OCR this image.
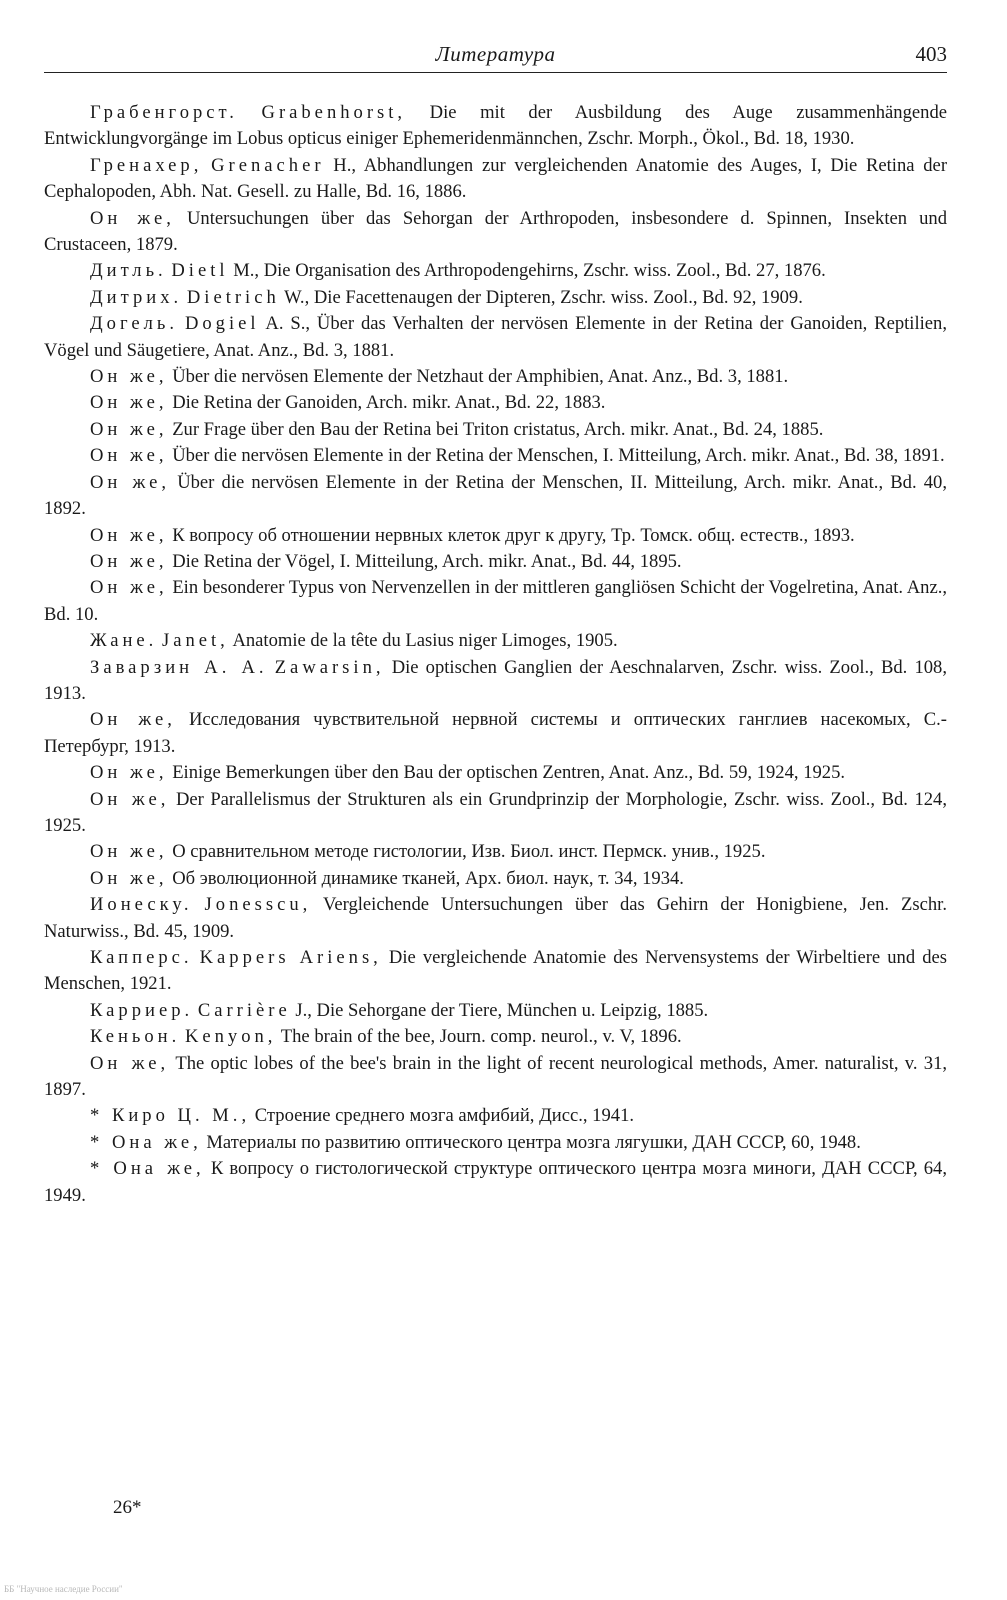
Литература	403

Грабенгорст. Grabenhorst, Die mit der Ausbildung des Auge zusammenhängende Entwicklungvorgänge im Lobus opticus einiger Ephemeridenmännchen, Zschr. Morph., Ökol., Bd. 18, 1930.

Гренахер, Grenacher H., Abhandlungen zur vergleichenden Anatomie des Auges, I, Die Retina der Cephalopoden, Abh. Nat. Gesell. zu Halle, Bd. 16, 1886.

Он же, Untersuchungen über das Sehorgan der Arthropoden, insbesondere d. Spinnen, Insekten und Crustaceen, 1879.

Дитль. Dietl M., Die Organisation des Arthropodengehirns, Zschr. wiss. Zool., Bd. 27, 1876.

Дитрих. Dietrich W., Die Facettenaugen der Dipteren, Zschr. wiss. Zool., Bd. 92, 1909.

Догель. Dogiel A. S., Über das Verhalten der nervösen Elemente in der Retina der Ganoiden, Reptilien, Vögel und Säugetiere, Anat. Anz., Bd. 3, 1881.

Он же, Über die nervösen Elemente der Netzhaut der Amphibien, Anat. Anz., Bd. 3, 1881.

Он же, Die Retina der Ganoiden, Arch. mikr. Anat., Bd. 22, 1883.

Он же, Zur Frage über den Bau der Retina bei Triton cristatus, Arch. mikr. Anat., Bd. 24, 1885.

Он же, Über die nervösen Elemente in der Retina der Menschen, I. Mitteilung, Arch. mikr. Anat., Bd. 38, 1891.

Он же, Über die nervösen Elemente in der Retina der Menschen, II. Mitteilung, Arch. mikr. Anat., Bd. 40, 1892.

Он же, К вопросу об отношении нервных клеток друг к другу, Тр. Томск. общ. естеств., 1893.

Он же, Die Retina der Vögel, I. Mitteilung, Arch. mikr. Anat., Bd. 44, 1895.

Он же, Ein besonderer Typus von Nervenzellen in der mittleren gangliösen Schicht der Vogelretina, Anat. Anz., Bd. 10.

Жане. Janet, Anatomie de la tête du Lasius niger Limoges, 1905.

Заварзин А. А. Zawarsin, Die optischen Ganglien der Aeschnalarven, Zschr. wiss. Zool., Bd. 108, 1913.

Он же, Исследования чувствительной нервной системы и оптических ганглиев насекомых, С.-Петербург, 1913.

Он же, Einige Bemerkungen über den Bau der optischen Zentren, Anat. Anz., Bd. 59, 1924, 1925.

Он же, Der Parallelismus der Strukturen als ein Grundprinzip der Morphologie, Zschr. wiss. Zool., Bd. 124, 1925.

Он же, О сравнительном методе гистологии, Изв. Биол. инст. Пермск. унив., 1925.

Он же, Об эволюционной динамике тканей, Арх. биол. наук, т. 34, 1934.

Ионеску. Jonesscu, Vergleichende Untersuchungen über das Gehirn der Honigbiene, Jen. Zschr. Naturwiss., Bd. 45, 1909.

Капперс. Kappers Ariens, Die vergleichende Anatomie des Nervensystems der Wirbeltiere und des Menschen, 1921.

Карриер. Carrière J., Die Sehorgane der Tiere, München u. Leipzig, 1885.

Кеньон. Kenyon, The brain of the bee, Journ. comp. neurol., v. V, 1896.

Он же, The optic lobes of the bee's brain in the light of recent neurological methods, Amer. naturalist, v. 31, 1897.

* Киро Ц. М., Строение среднего мозга амфибий, Дисс., 1941.

* Она же, Материалы по развитию оптического центра мозга лягушки, ДАН СССР, 60, 1948.

* Она же, К вопросу о гистологической структуре оптического центра мозга миноги, ДАН СССР, 64, 1949.

26*
ББ "Научное наследие России"
